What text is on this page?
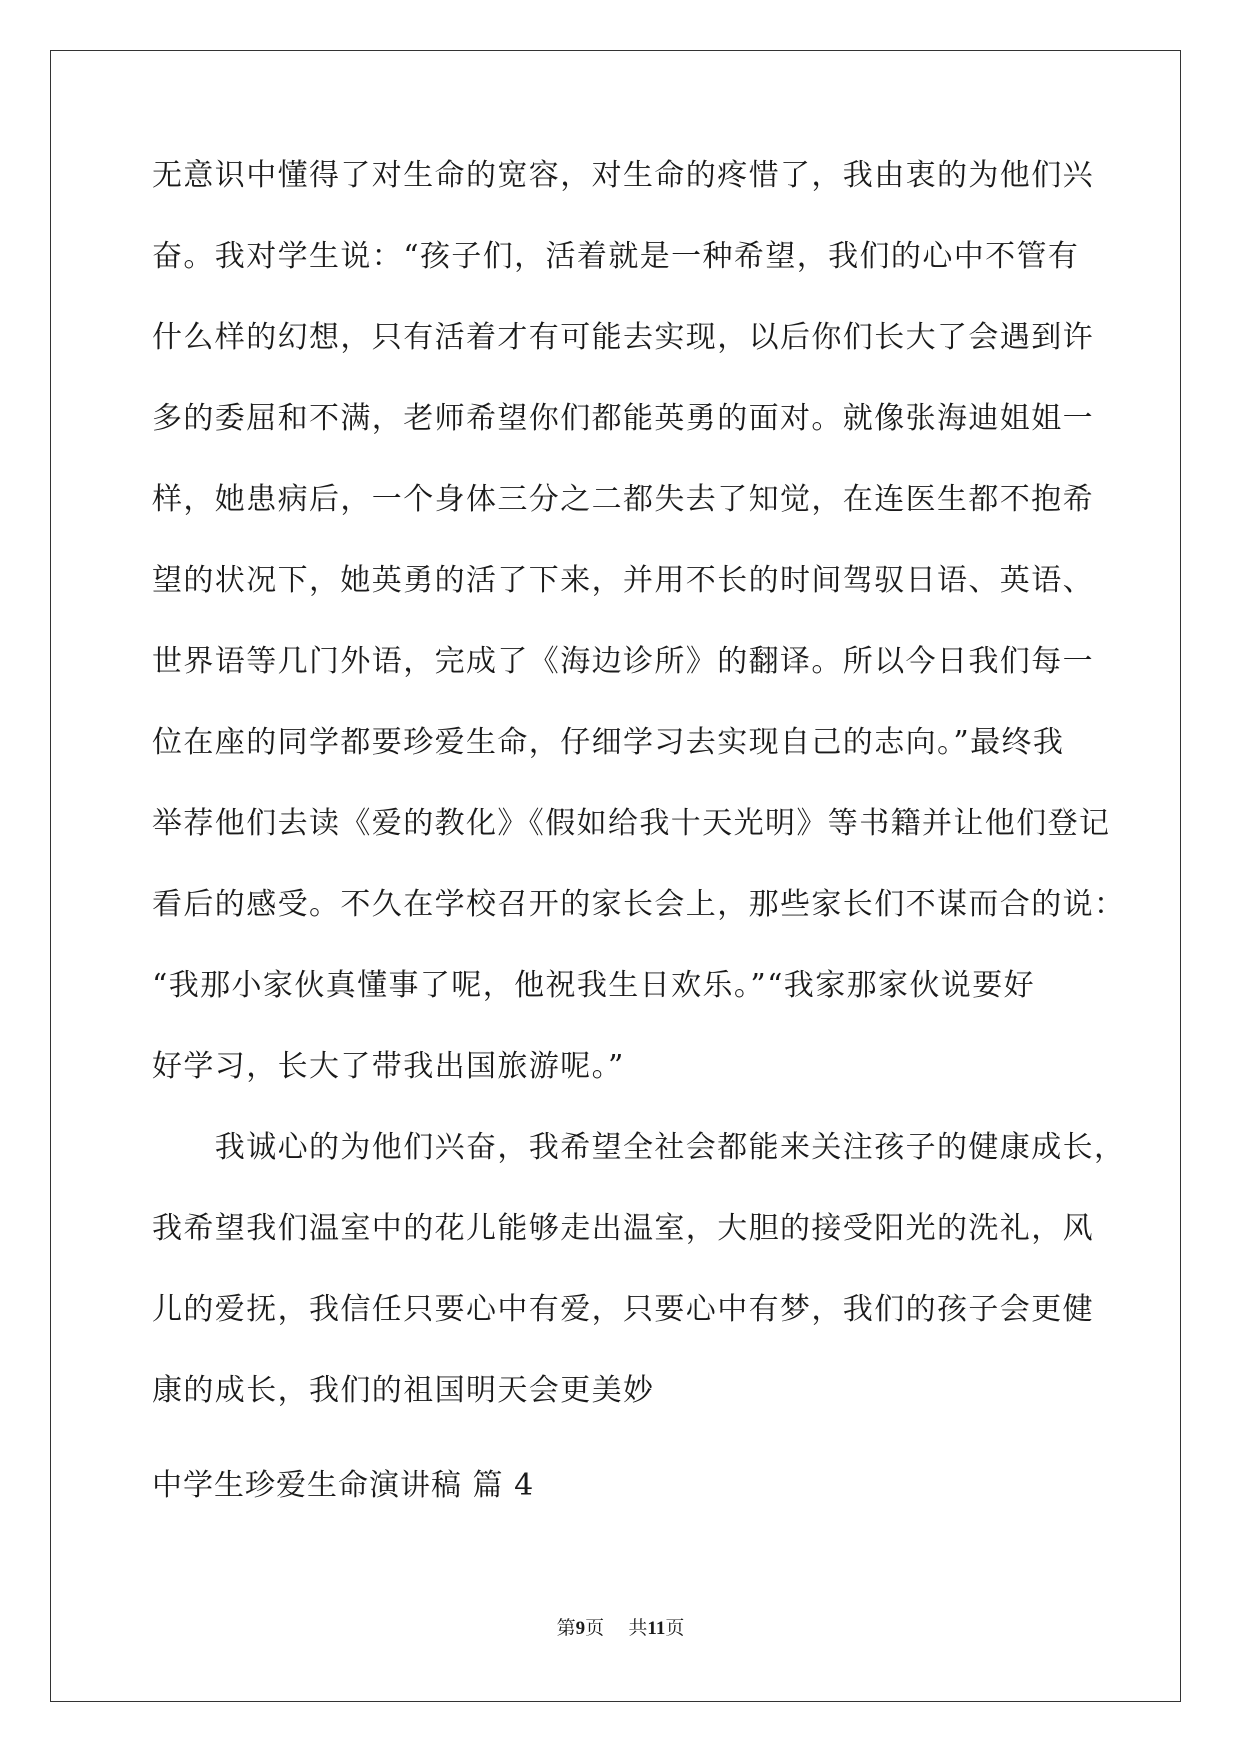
无意识中懂得了对生命的宽容，对生命的疼惜了，我由衷的为他们兴
奋。我对学生说：“孩子们，活着就是一种希望，我们的心中不管有
什么样的幻想，只有活着才有可能去实现，以后你们长大了会遇到许
多的委屈和不满，老师希望你们都能英勇的面对。就像张海迪姐姐一
样，她患病后，一个身体三分之二都失去了知觉，在连医生都不抱希
望的状况下，她英勇的活了下来，并用不长的时间驾驭日语、英语、
世界语等几门外语，完成了《海边诊所》的翻译。所以今日我们每一
位在座的同学都要珍爱生命，仔细学习去实现自己的志向。”最终我
举荐他们去读《爱的教化》《假如给我十天光明》等书籍并让他们登记
看后的感受。不久在学校召开的家长会上，那些家长们不谋而合的说：
“我那小家伙真懂事了呢，他祝我生日欢乐。”“我家那家伙说要好
好学习，长大了带我出国旅游呢。”
　　我诚心的为他们兴奋，我希望全社会都能来关注孩子的健康成长，
我希望我们温室中的花儿能够走出温室，大胆的接受阳光的洗礼，风
儿的爱抚，我信任只要心中有爱，只要心中有梦，我们的孩子会更健
康的成长，我们的祖国明天会更美妙
中学生珍爱生命演讲稿 篇 4
第9页 共11页
